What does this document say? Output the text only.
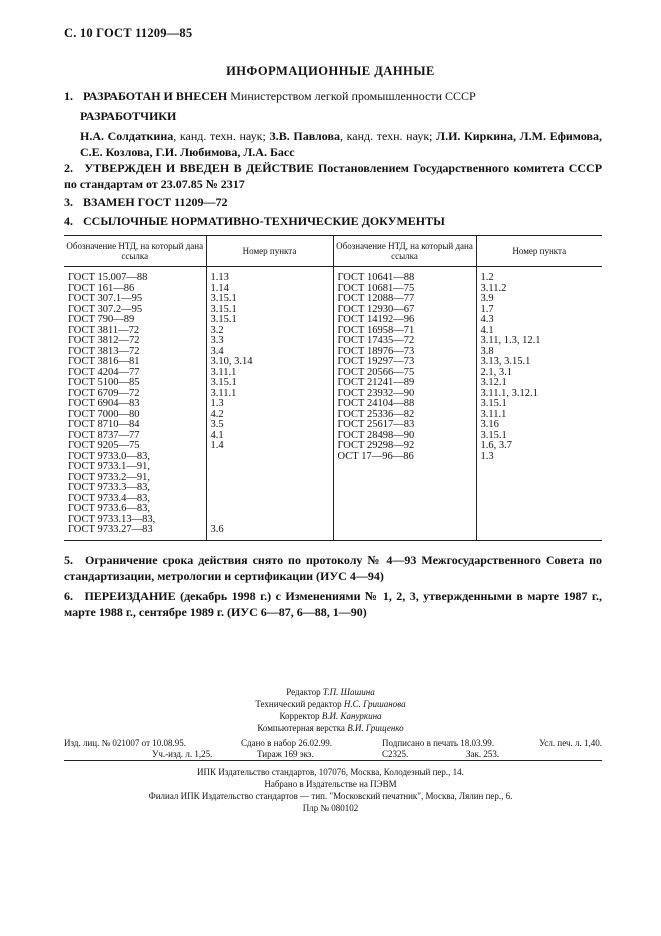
С. 10 ГОСТ 11209—85
ИНФОРМАЦИОННЫЕ ДАННЫЕ
1. РАЗРАБОТАН И ВНЕСЕН Министерством легкой промышленности СССР
РАЗРАБОТЧИКИ
Н.А. Солдаткина, канд. техн. наук; З.В. Павлова, канд. техн. наук; Л.И. Киркина, Л.М. Ефимова, С.Е. Козлова, Г.И. Любимова, Л.А. Басс
2. УТВЕРЖДЕН И ВВЕДЕН В ДЕЙСТВИЕ Постановлением Государственного комитета СССР по стандартам от 23.07.85 № 2317
3. ВЗАМЕН ГОСТ 11209—72
4. ССЫЛОЧНЫЕ НОРМАТИВНО-ТЕХНИЧЕСКИЕ ДОКУМЕНТЫ
Обозначение НТД, на который дана ссылка	Номер пункта	Обозначение НТД, на который дана ссылка	Номер пункта
ГОСТ 15.007—88	1.13	ГОСТ 10641—88	1.2
ГОСТ 161—86	1.14	ГОСТ 10681—75	3.11.2
ГОСТ 307.1—95	3.15.1	ГОСТ 12088—77	3.9
ГОСТ 307.2—95	3.15.1	ГОСТ 12930—67	1.7
ГОСТ 790—89	3.15.1	ГОСТ 14192—96	4.3
ГОСТ 3811—72	3.2	ГОСТ 16958—71	4.1
ГОСТ 3812—72	3.3	ГОСТ 17435—72	3.11, 1.3, 12.1
ГОСТ 3813—72	3.4	ГОСТ 18976—73	3.8
ГОСТ 3816—81	3.10, 3.14	ГОСТ 19297—73	3.13, 3.15.1
ГОСТ 4204—77	3.11.1	ГОСТ 20566—75	2.1, 3.1
ГОСТ 5100—85	3.15.1	ГОСТ 21241—89	3.12.1
ГОСТ 6709—72	3.11.1	ГОСТ 23932—90	3.11.1, 3.12.1
ГОСТ 6904—83	1.3	ГОСТ 24104—88	3.15.1
ГОСТ 7000—80	4.2	ГОСТ 25336—82	3.11.1
ГОСТ 8710—84	3.5	ГОСТ 25617—83	3.16
ГОСТ 8737—77	4.1	ГОСТ 28498—90	3.15.1
ГОСТ 9205—75	1.4	ГОСТ 29298—92	1.6, 3.7
ГОСТ 9733.0—83,		ОСТ 17—96—86	1.3
ГОСТ 9733.1—91,			
ГОСТ 9733.2—91,			
ГОСТ 9733.3—83,			
ГОСТ 9733.4—83,			
ГОСТ 9733.6—83,			
ГОСТ 9733.13—83,			
ГОСТ 9733.27—83	3.6		
5. Ограничение срока действия снято по протоколу № 4—93 Межгосударственного Совета по стандартизации, метрологии и сертификации (ИУС 4—94)
6. ПЕРЕИЗДАНИЕ (декабрь 1998 г.) с Изменениями № 1, 2, 3, утвержденными в марте 1987 г., марте 1988 г., сентябре 1989 г. (ИУС 6—87, 6—88, 1—90)
Редактор Т.П. Шашина
Технический редактор Н.С. Гришанова
Корректор В.И. Кануркина
Компьютерная верстка В.И. Грищенко
Изд. лиц. № 021007 от 10.08.95.	Сдано в набор 26.02.99.	Подписано в печать 18.03.99.	Усл. печ. л. 1,40.
Уч.-изд. л. 1,25.	Тираж 169 экз.	С2325.	Зак. 253.
ИПК Издательство стандартов, 107076, Москва, Колодезный пер., 14.
Набрано в Издательстве на ПЭВМ
Филиал ИПК Издательство стандартов — тип. "Московский печатник", Москва, Лялин пер., 6.
Плр № 080102
